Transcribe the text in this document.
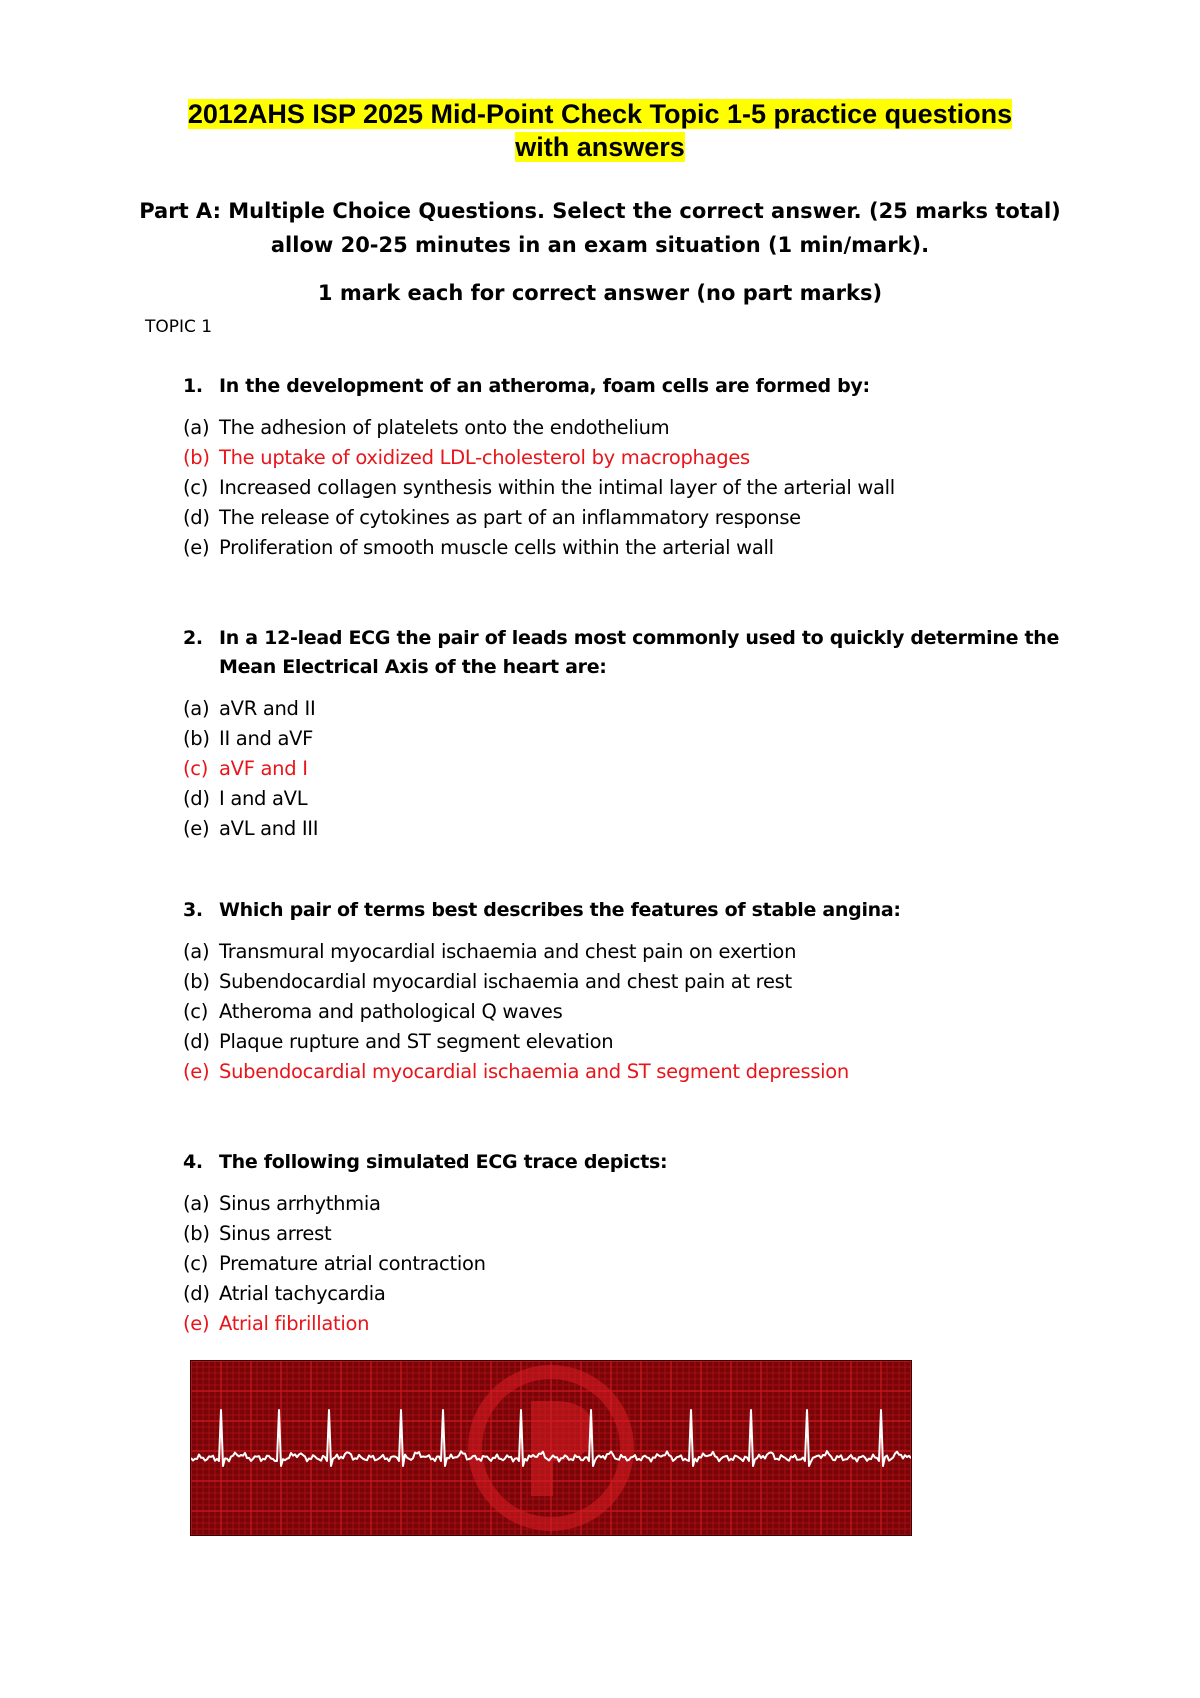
2012AHS ISP 2025 Mid-Point Check Topic 1-5 practice questions
with answers
Part A: Multiple Choice Questions. Select the correct answer. (25 marks total)
allow 20-25 minutes in an exam situation (1 min/mark).
1 mark each for correct answer (no part marks)
TOPIC 1
1. In the development of an atheroma, foam cells are formed by:
(a) The adhesion of platelets onto the endothelium
(b) The uptake of oxidized LDL-cholesterol by macrophages
(c) Increased collagen synthesis within the intimal layer of the arterial wall
(d) The release of cytokines as part of an inflammatory response
(e) Proliferation of smooth muscle cells within the arterial wall
2. In a 12-lead ECG the pair of leads most commonly used to quickly determine the
Mean Electrical Axis of the heart are:
(a) aVR and II
(b) II and aVF
(c) aVF and I
(d) I and aVL
(e) aVL and III
3. Which pair of terms best describes the features of stable angina:
(a) Transmural myocardial ischaemia and chest pain on exertion
(b) Subendocardial myocardial ischaemia and chest pain at rest
(c) Atheroma and pathological Q waves
(d) Plaque rupture and ST segment elevation
(e) Subendocardial myocardial ischaemia and ST segment depression
4. The following simulated ECG trace depicts:
(a) Sinus arrhythmia
(b) Sinus arrest
(c) Premature atrial contraction
(d) Atrial tachycardia
(e) Atrial fibrillation
